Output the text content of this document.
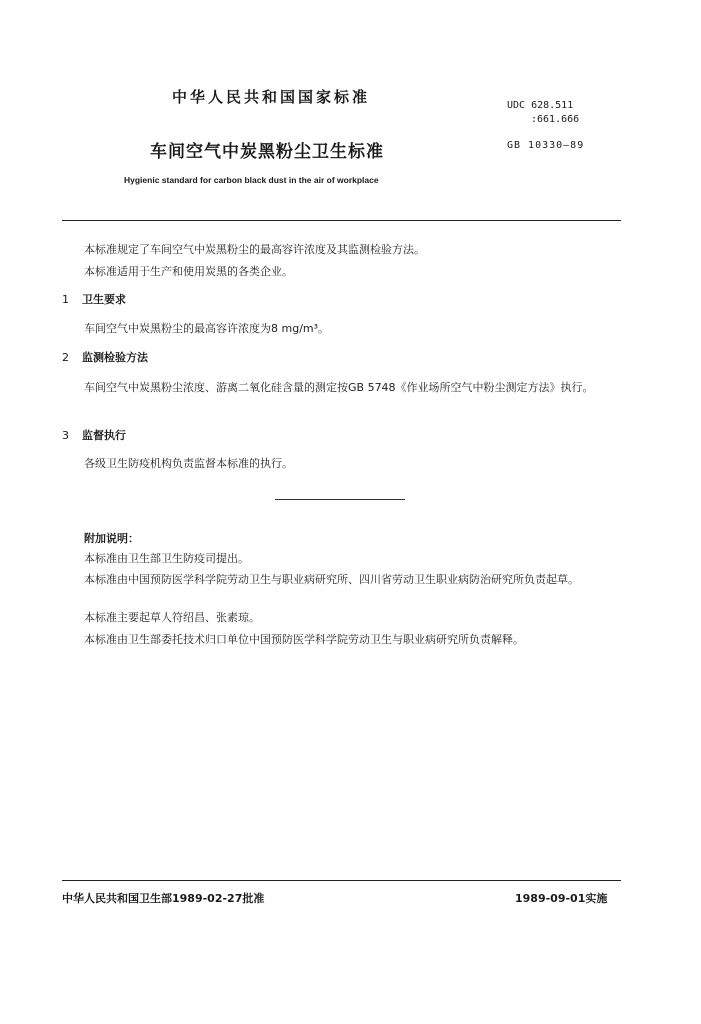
中华人民共和国国家标准	UDC 628.511
:661.666
车间空气中炭黑粉尘卫生标准	GB 10330—89
Hygienic standard for carbon black dust in the air of workplace
本标准规定了车间空气中炭黑粉尘的最高容许浓度及其监测检验方法。
本标准适用于生产和使用炭黑的各类企业。
1 卫生要求
车间空气中炭黑粉尘的最高容许浓度为8 mg/m³。
2 监测检验方法
车间空气中炭黑粉尘浓度、游离二氧化硅含量的测定按GB 5748《作业场所空气中粉尘测定方法》执行。
3 监督执行
各级卫生防疫机构负责监督本标准的执行。
附加说明：
本标准由卫生部卫生防疫司提出。
本标准由中国预防医学科学院劳动卫生与职业病研究所、四川省劳动卫生职业病防治研究所负责起草。
本标准主要起草人符绍昌、张素琼。
本标准由卫生部委托技术归口单位中国预防医学科学院劳动卫生与职业病研究所负责解释。
中华人民共和国卫生部1989-02-27批准	1989-09-01实施
